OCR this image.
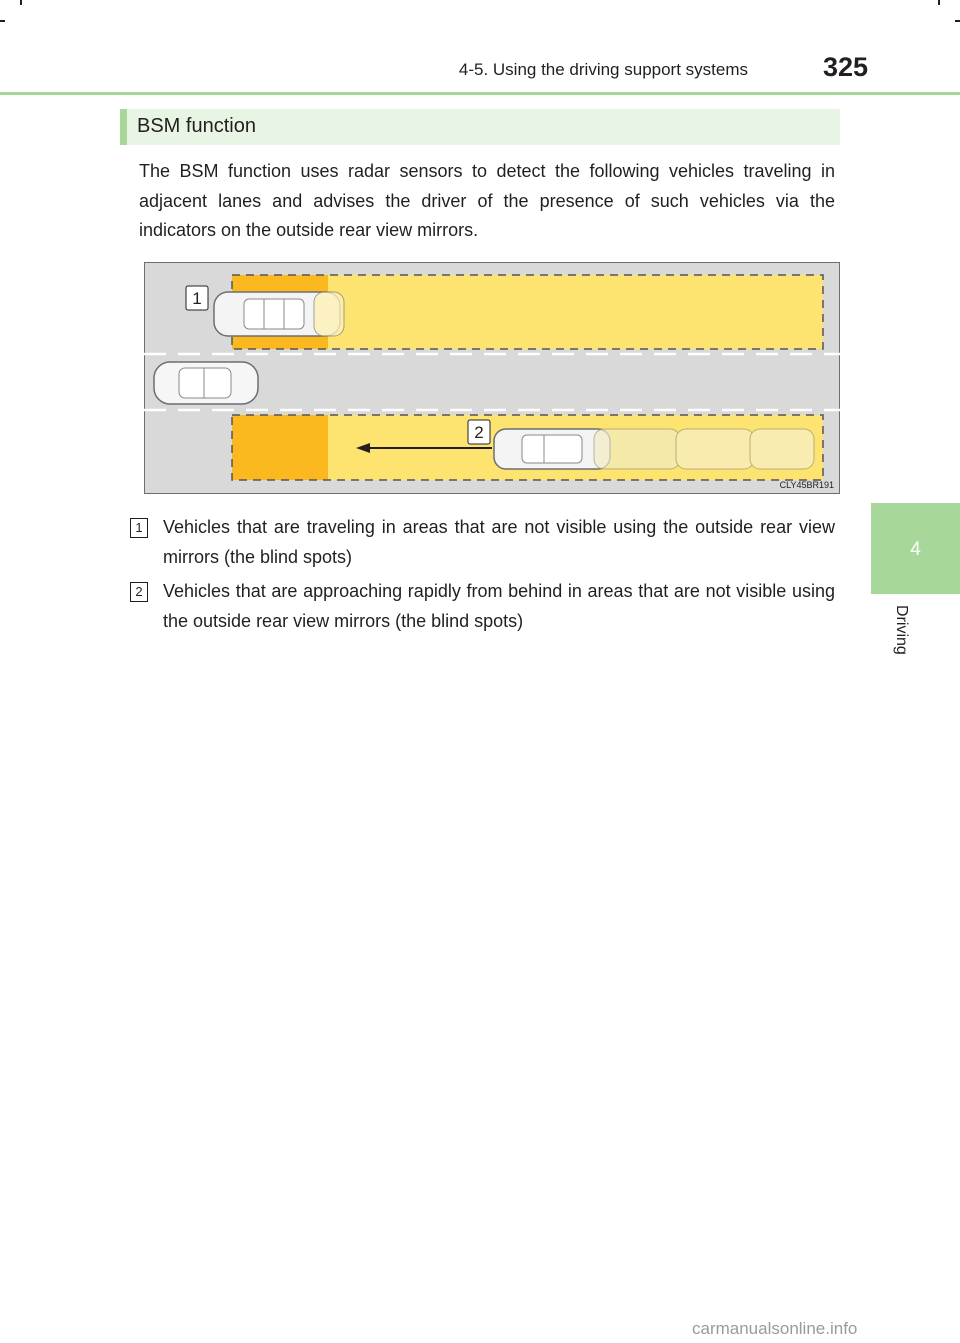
4-5. Using the driving support systems	325
4
Driving
BSM function
The BSM function uses radar sensors to detect the following vehicles traveling in adjacent lanes and advises the driver of the presence of such vehicles via the indicators on the outside rear view mirrors.
1
2
CLY45BR191
1 Vehicles that are traveling in areas that are not visible using the outside rear view mirrors (the blind spots)
2 Vehicles that are approaching rapidly from behind in areas that are not visible using the outside rear view mirrors (the blind spots)
carmanualsonline.info
